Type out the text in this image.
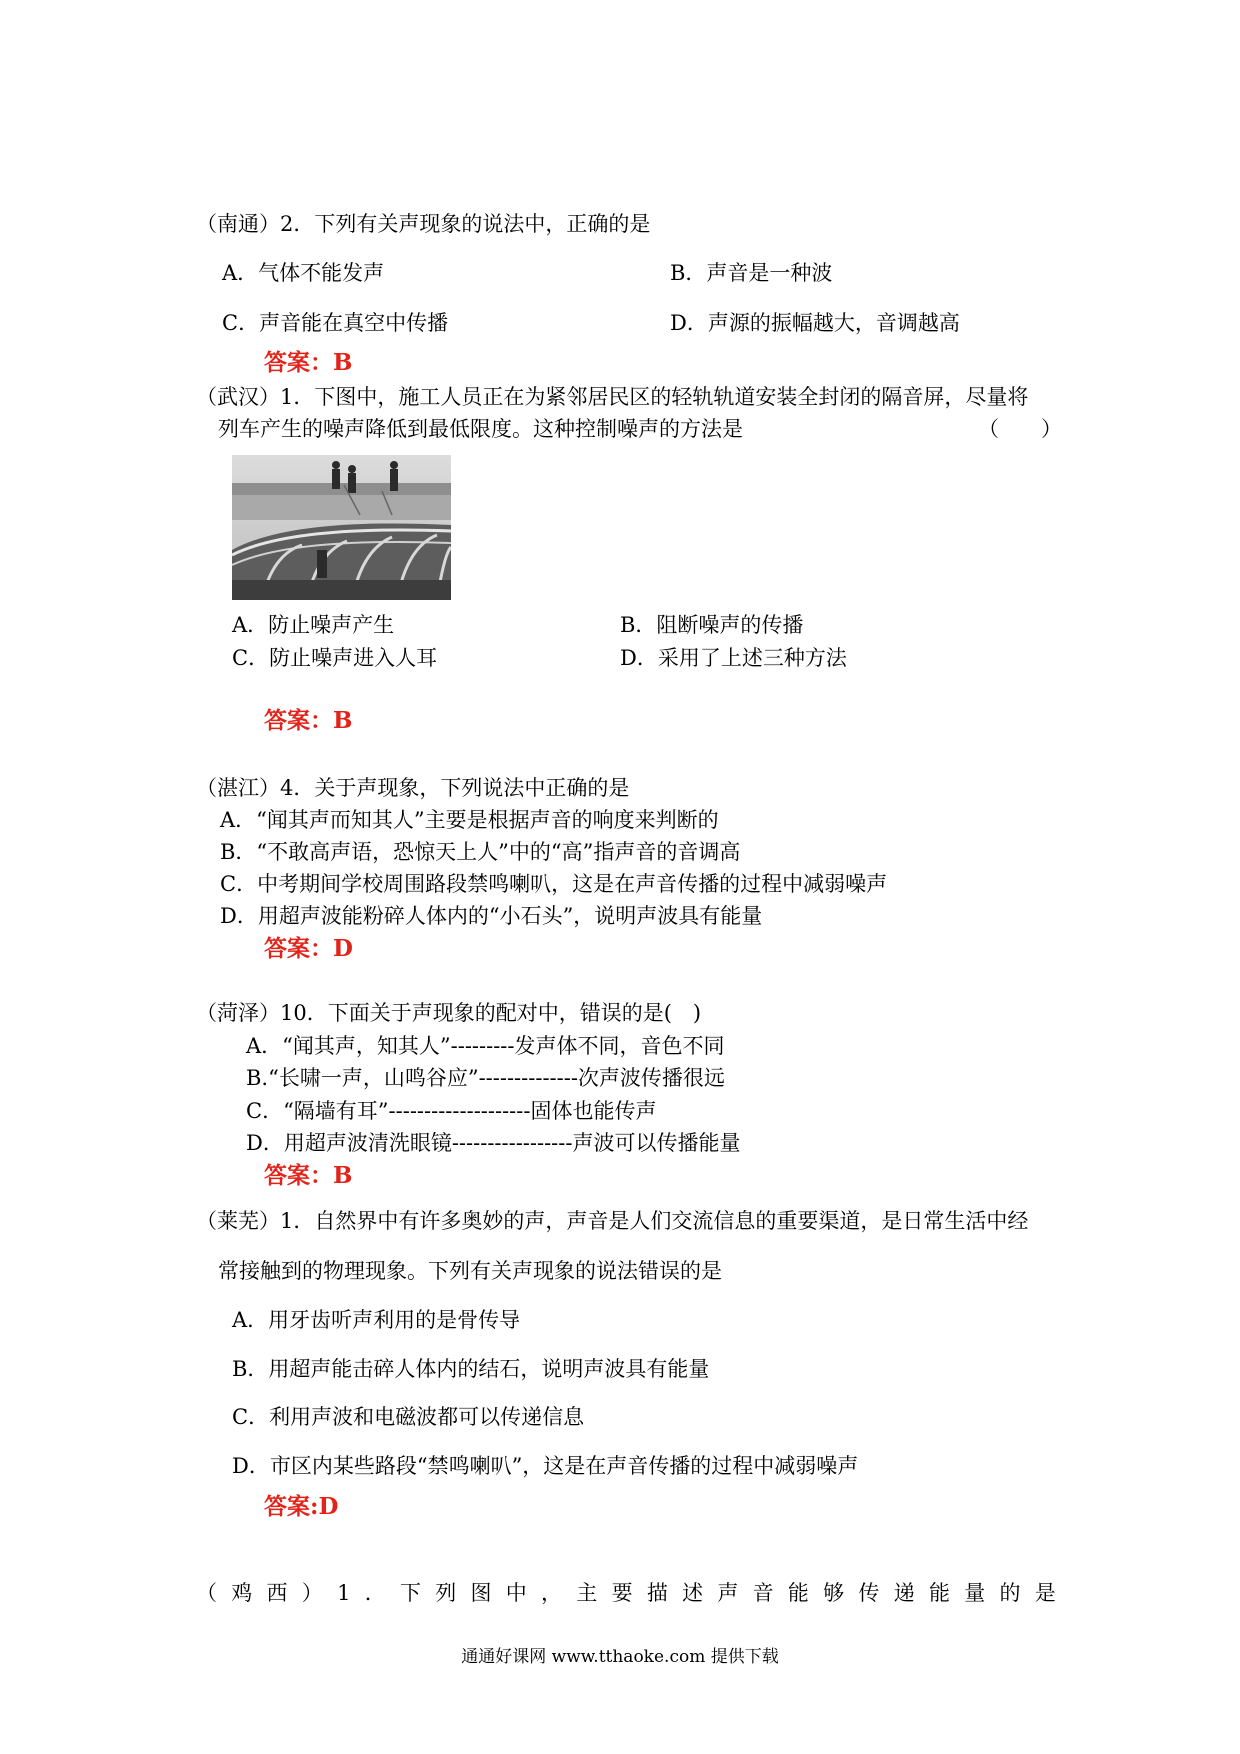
（南通）2．下列有关声现象的说法中，正确的是
A．气体不能发声	B．声音是一种波
C．声音能在真空中传播	D．声源的振幅越大，音调越高
答案：B
（武汉）1．下图中，施工人员正在为紧邻居民区的轻轨轨道安装全封闭的隔音屏，尽量将
列车产生的噪声降低到最低限度。这种控制噪声的方法是	（　　）
A．防止噪声产生	B．阻断噪声的传播
C．防止噪声进入人耳	D．采用了上述三种方法
答案：B
（湛江）4．关于声现象，下列说法中正确的是
A．“闻其声而知其人”主要是根据声音的响度来判断的
B．“不敢高声语，恐惊天上人”中的“高”指声音的音调高
C．中考期间学校周围路段禁鸣喇叭，这是在声音传播的过程中减弱噪声
D．用超声波能粉碎人体内的“小石头”，说明声波具有能量
答案：D
（菏泽）10．下面关于声现象的配对中，错误的是(　)
A．“闻其声，知其人”---------发声体不同，音色不同
B.“长啸一声，山鸣谷应”--------------次声波传播很远
C．“隔墙有耳”--------------------固体也能传声
D．用超声波清洗眼镜-----------------声波可以传播能量
答案：B
（莱芜）1．自然界中有许多奥妙的声，声音是人们交流信息的重要渠道，是日常生活中经
常接触到的物理现象。下列有关声现象的说法错误的是
A．用牙齿听声利用的是骨传导
B．用超声能击碎人体内的结石，说明声波具有能量
C．利用声波和电磁波都可以传递信息
D．市区内某些路段“禁鸣喇叭”，这是在声音传播的过程中减弱噪声
答案:D
（ 鸡 西 ） 1 ． 下 列 图 中 ， 主 要 描 述 声 音 能 够 传 递 能 量 的 是
通通好课网 www.tthaoke.com 提供下载
